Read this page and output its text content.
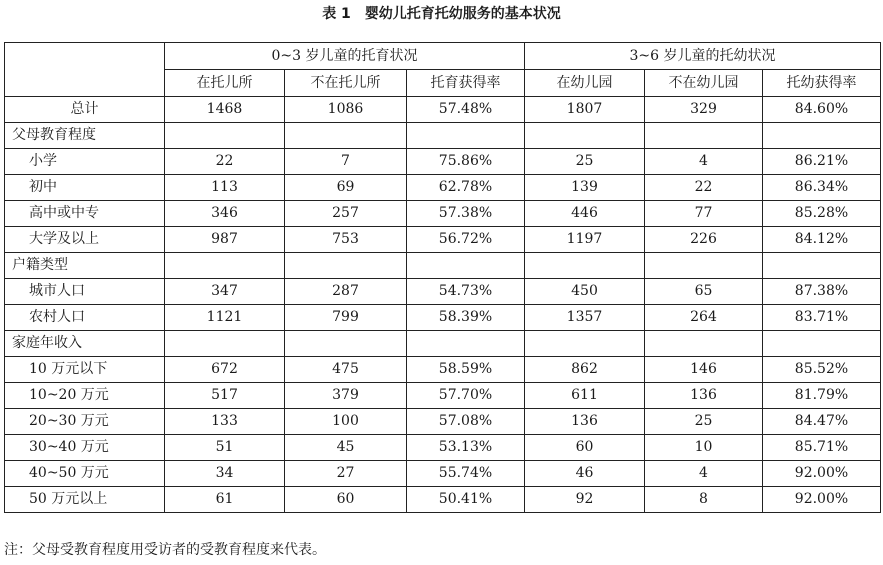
表 1 婴幼儿托育托幼服务的基本状况
	0~3 岁儿童的托育状况			3~6 岁儿童的托幼状况		
	在托儿所	不在托儿所	托育获得率	在幼儿园	不在幼儿园	托幼获得率
总计	1468	1086	57.48%	1807	329	84.60%
父母教育程度						
小学	22	7	75.86%	25	4	86.21%
初中	113	69	62.78%	139	22	86.34%
高中或中专	346	257	57.38%	446	77	85.28%
大学及以上	987	753	56.72%	1197	226	84.12%
户籍类型						
城市人口	347	287	54.73%	450	65	87.38%
农村人口	1121	799	58.39%	1357	264	83.71%
家庭年收入						
10 万元以下	672	475	58.59%	862	146	85.52%
10~20 万元	517	379	57.70%	611	136	81.79%
20~30 万元	133	100	57.08%	136	25	84.47%
30~40 万元	51	45	53.13%	60	10	85.71%
40~50 万元	34	27	55.74%	46	4	92.00%
50 万元以上	61	60	50.41%	92	8	92.00%
注：父母受教育程度用受访者的受教育程度来代表。
